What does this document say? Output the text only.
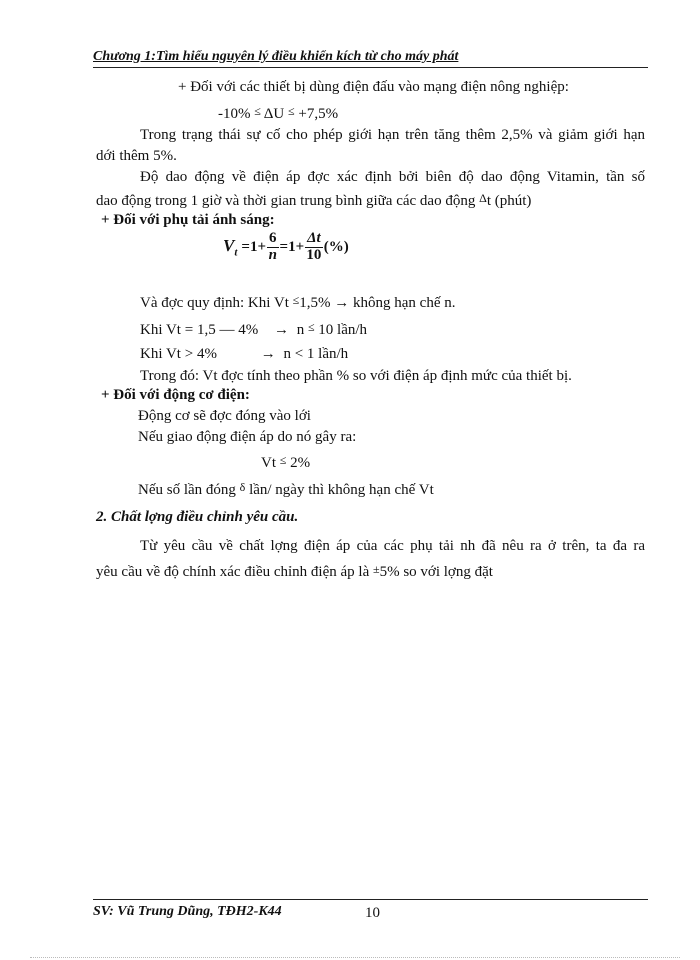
Chương 1:Tìm hiểu nguyên lý điều khiển kích từ cho máy phát
+ Đối với các thiết bị dùng điện đấu vào mạng điện nông nghiệp:
-10% ≤ ΔU ≤ +7,5%
Trong trạng thái sự cố cho phép giới hạn trên tăng thêm 2,5% và giảm giới hạn
dới thêm 5%.
Độ dao động về điện áp đợc xác định bởi biên độ dao động Vitamin, tần số
dao động trong 1 giờ và thời gian trung bình giữa các dao động $^\Delta$t (phút)
+ Đối với phụ tải ánh sáng:
$V_t =1+ \frac{6}{n} =1+ \frac{\Delta t}{10}$ (%)
Và đợc quy định: Khi Vt ≤1,5% → không hạn chế n.
Khi Vt = 1,5 — 4% → n ≤ 10 lần/h
Khi Vt > 4%	→ n < 1 lần/h
Trong đó: Vt đợc tính theo phần % so với điện áp định mức của thiết bị.
+ Đối với động cơ điện:
Động cơ sẽ đợc đóng vào lới
Nếu giao động điện áp do nó gây ra:
Vt ≤ 2%
Nếu số lần đóng $^\delta$ lần/ ngày thì không hạn chế Vt
2. Chất lợng điều chỉnh yêu cầu.
Từ yêu cầu về chất lợng điện áp của các phụ tải nh đã nêu ra ở trên, ta đa ra
yêu cầu về độ chính xác điều chỉnh điện áp là ±5% so với lợng đặt
SV: Vũ Trung Dũng, TĐH2-K44	10
